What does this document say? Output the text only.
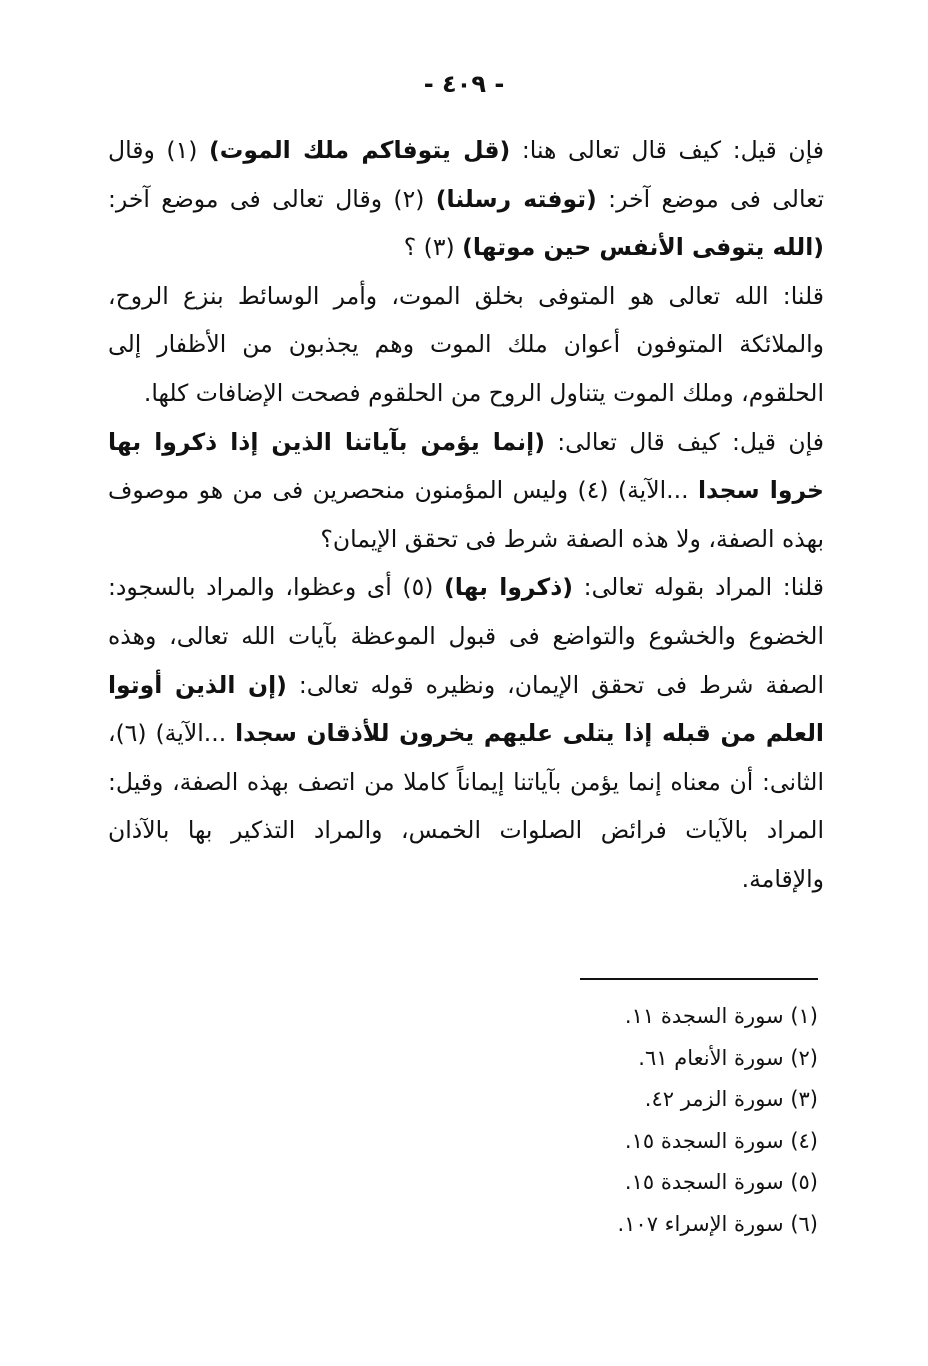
- ٤٠٩ -

فإن قيل: كيف قال تعالى هنا: (قل يتوفاكم ملك الموت) (١) وقال تعالى فى موضع آخر: (توفته رسلنا) (٢) وقال تعالى فى موضع آخر: (الله يتوفى الأنفس حين موتها) (٣) ؟

قلنا: الله تعالى هو المتوفى بخلق الموت، وأمر الوسائط بنزع الروح، والملائكة المتوفون أعوان ملك الموت وهم يجذبون من الأظفار إلى الحلقوم، وملك الموت يتناول الروح من الحلقوم فصحت الإضافات كلها.

فإن قيل: كيف قال تعالى: (إنما يؤمن بآياتنا الذين إذا ذكروا بها خروا سجدا ...الآية) (٤) وليس المؤمنون منحصرين فى من هو موصوف بهذه الصفة، ولا هذه الصفة شرط فى تحقق الإيمان؟

قلنا: المراد بقوله تعالى: (ذكروا بها) (٥) أى وعظوا، والمراد بالسجود: الخضوع والخشوع والتواضع فى قبول الموعظة بآيات الله تعالى، وهذه الصفة شرط فى تحقق الإيمان، ونظيره قوله تعالى: (إن الذين أوتوا العلم من قبله إذا يتلى عليهم يخرون للأذقان سجدا ...الآية) (٦)، الثانى: أن معناه إنما يؤمن بآياتنا إيماناً كاملا من اتصف بهذه الصفة، وقيل: المراد بالآيات فرائض الصلوات الخمس، والمراد التذكير بها بالآذان والإقامة.

(١) سورة السجدة ١١.
(٢) سورة الأنعام ٦١.
(٣) سورة الزمر ٤٢.
(٤) سورة السجدة ١٥.
(٥) سورة السجدة ١٥.
(٦) سورة الإسراء ١٠٧.
